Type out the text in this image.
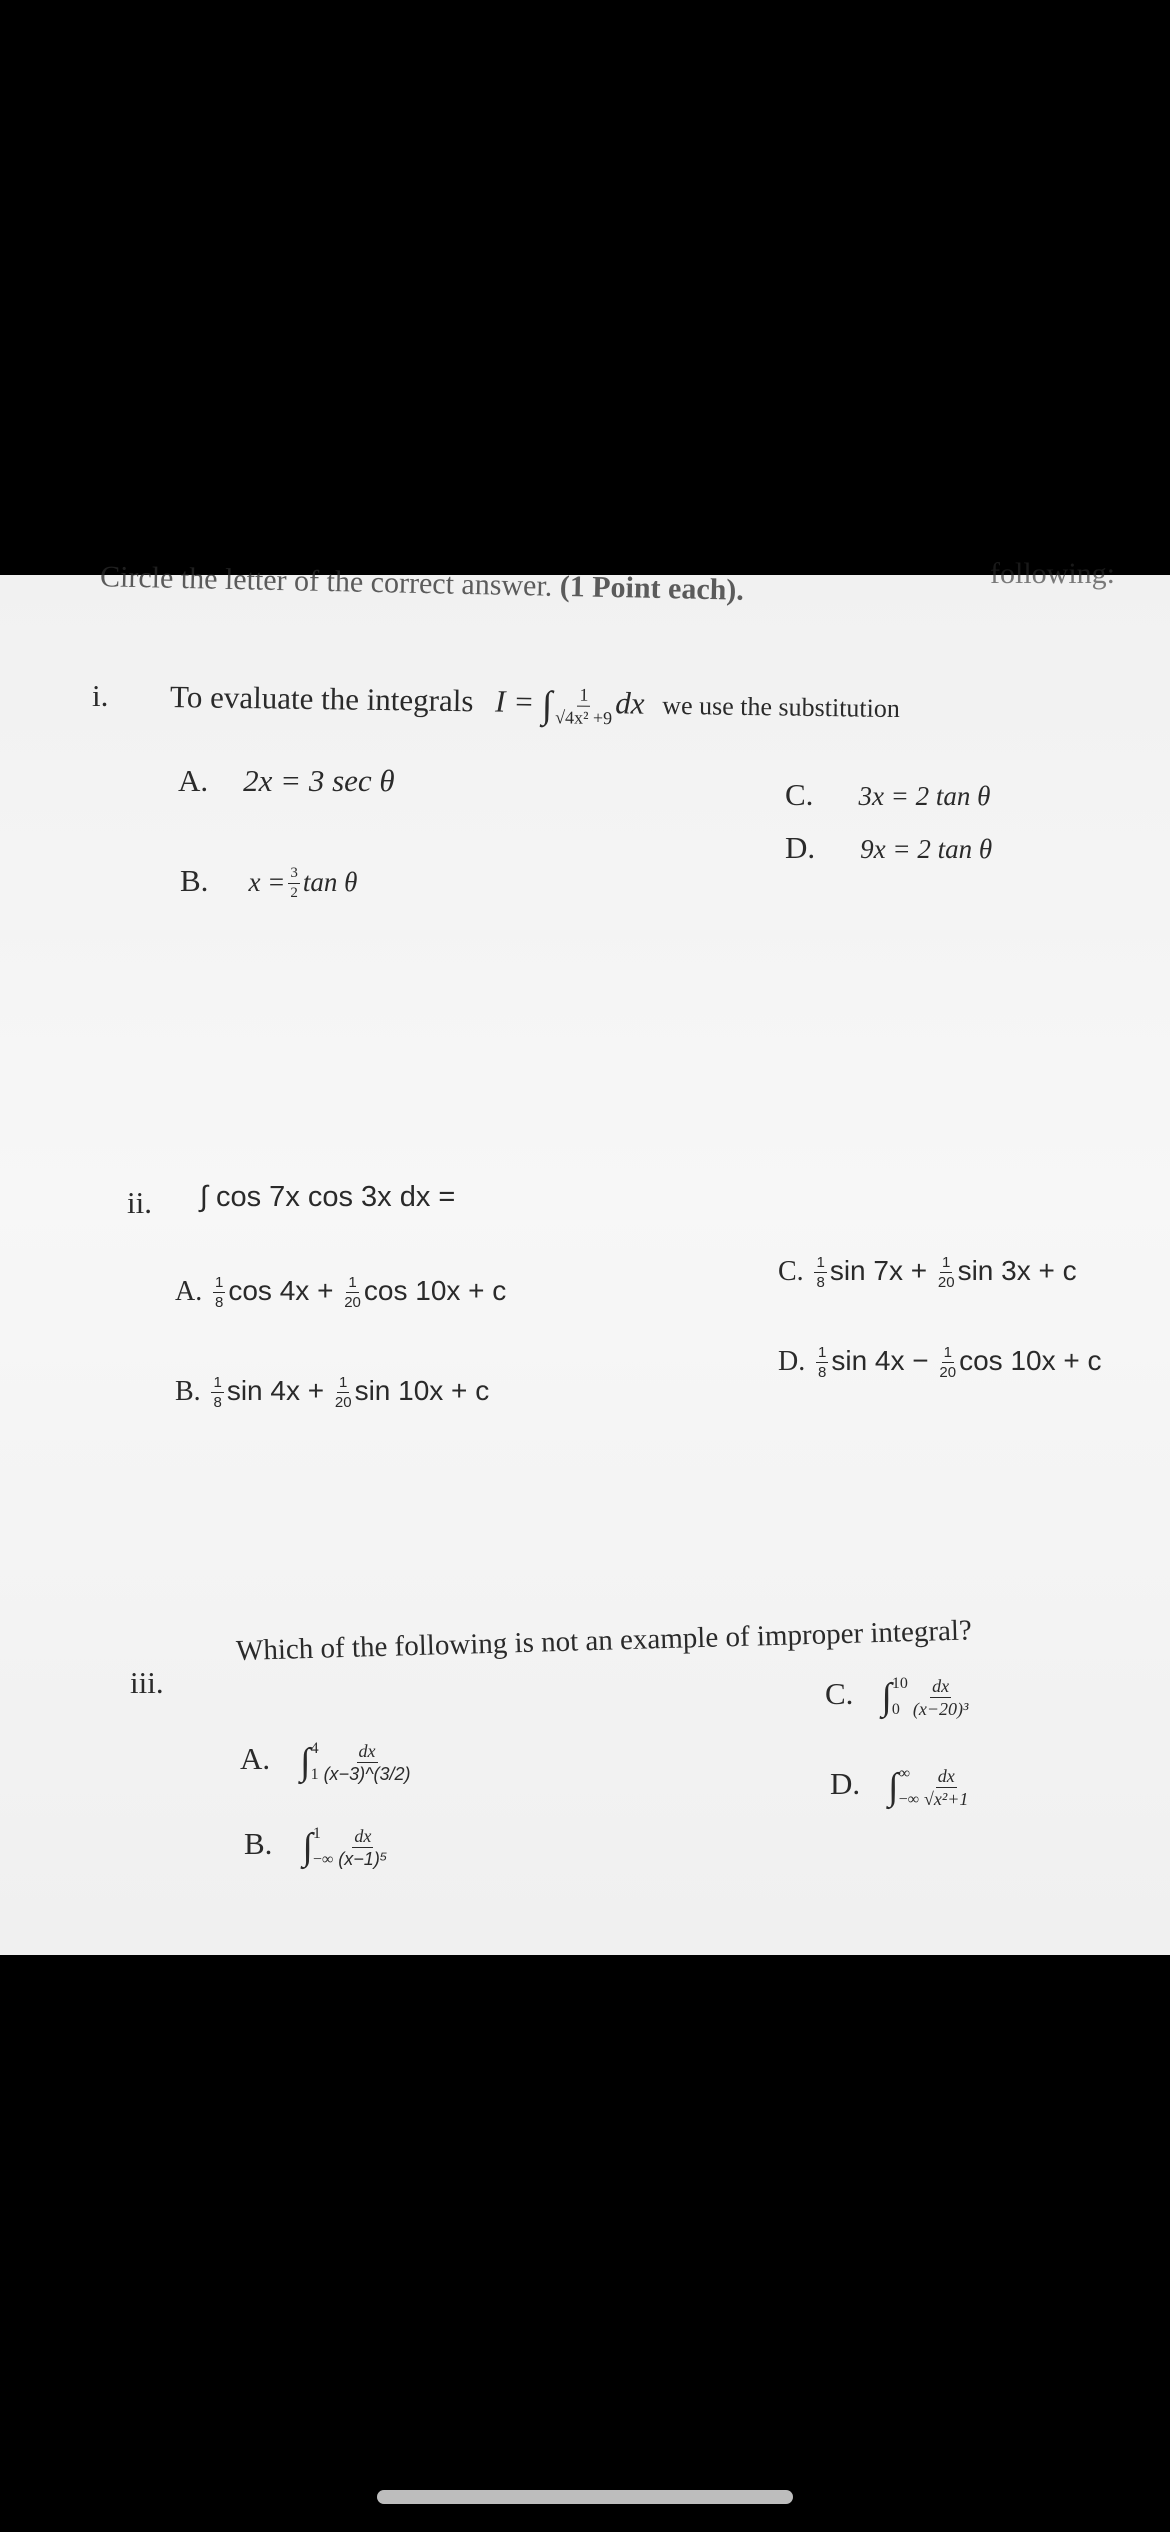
Circle the letter of the correct answer. (1 Point each).	following:
i. To evaluate the integrals I = ∫ $\frac{1}{\text{√4x² +9}}$ dx we use the substitution
A. 2x = 3 sec θ
B. $x = \frac{3}{2}$ tan θ
C. 3x = 2 tan θ
D. 9x = 2 tan θ
ii. ∫ cos 7x cos 3x dx =
A. $\frac{1}{8}$ $\cos 4x + \frac{1}{20}$ cos 10x + c
B. $\frac{1}{8}$ $\sin 4x + \frac{1}{20}$ sin 10x + c
C. $\frac{1}{8}$ $\sin 7x + \frac{1}{20}$ sin 3x + c
D. $\frac{1}{8}$ $\sin 4x - \frac{1}{20}$ cos 10x + c
iii.
Which of the following is not an example of improper integral?
A. ∫ 4
$1 \frac{dx}{(x-3)\^{}(3/2)}$
B. ∫ 1
−∞ $\frac{dx}{\text{(x−1)⁵}}$
C. ∫ 10
$0 \frac{dx}{\text{(x−20)³}}$
D. ∫ ∞
−∞ $\frac{dx}{\text{√x²+1}}$
